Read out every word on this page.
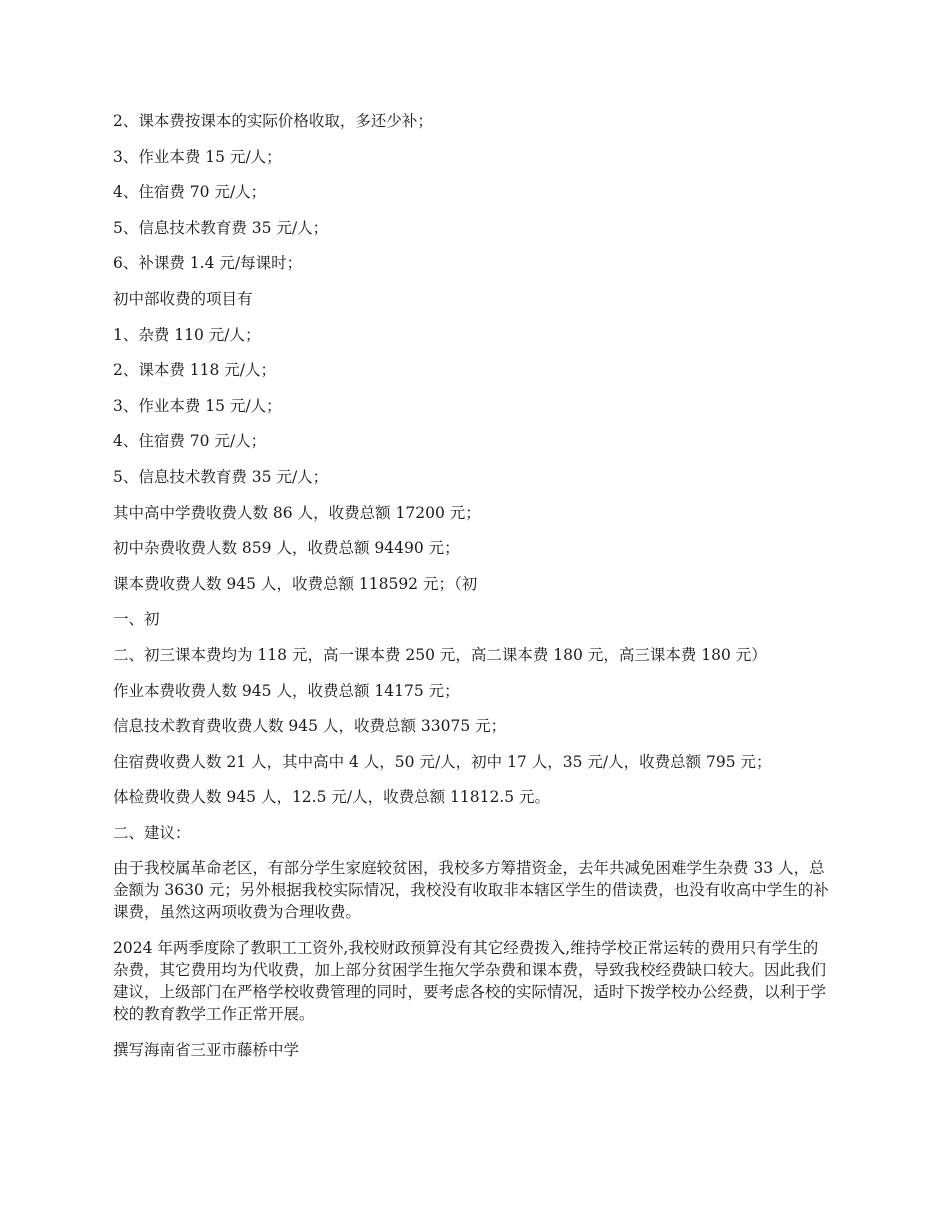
2、课本费按课本的实际价格收取，多还少补；

3、作业本费 15 元/人；

4、住宿费 70 元/人；

5、信息技术教育费 35 元/人；

6、补课费 1.4 元/每课时；

初中部收费的项目有

1、杂费 110 元/人；

2、课本费 118 元/人；

3、作业本费 15 元/人；

4、住宿费 70 元/人；

5、信息技术教育费 35 元/人；

其中高中学费收费人数 86 人，收费总额 17200 元；

初中杂费收费人数 859 人，收费总额 94490 元；

课本费收费人数 945 人，收费总额 118592 元；（初

一、初

二、初三课本费均为 118 元，高一课本费 250 元，高二课本费 180 元，高三课本费 180 元）

作业本费收费人数 945 人，收费总额 14175 元；

信息技术教育费收费人数 945 人，收费总额 33075 元；

住宿费收费人数 21 人，其中高中 4 人，50 元/人，初中 17 人，35 元/人，收费总额 795 元；

体检费收费人数 945 人，12.5 元/人，收费总额 11812.5 元。

二、建议：

由于我校属革命老区，有部分学生家庭较贫困，我校多方筹措资金，去年共减免困难学生杂费 33 人，总金额为 3630 元；另外根据我校实际情况，我校没有收取非本辖区学生的借读费，也没有收高中学生的补课费，虽然这两项收费为合理收费。

2024 年两季度除了教职工工资外,我校财政预算没有其它经费拨入,维持学校正常运转的费用只有学生的杂费，其它费用均为代收费，加上部分贫困学生拖欠学杂费和课本费，导致我校经费缺口较大。因此我们建议，上级部门在严格学校收费管理的同时，要考虑各校的实际情况，适时下拨学校办公经费，以利于学校的教育教学工作正常开展。

撰写海南省三亚市藤桥中学
